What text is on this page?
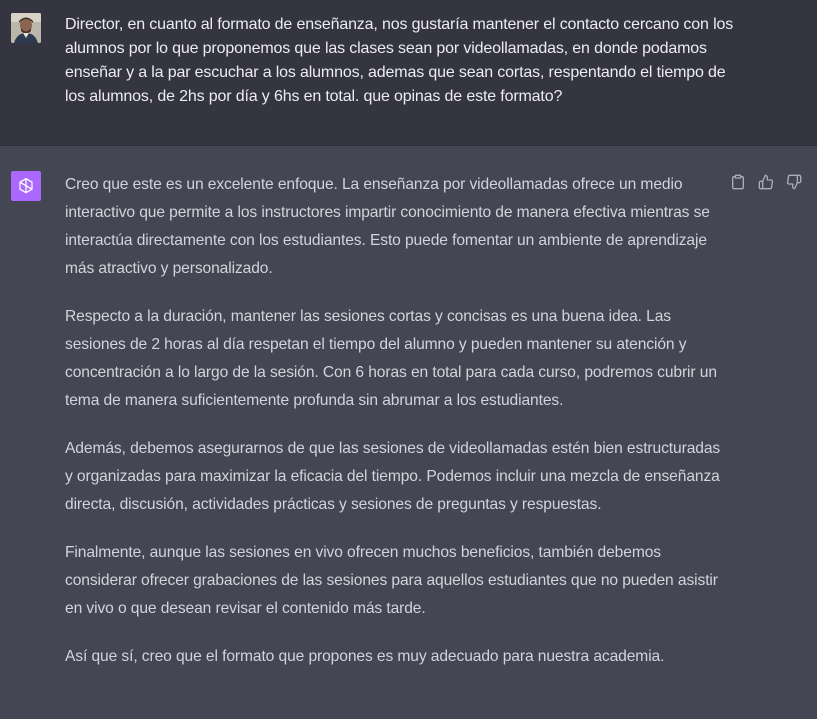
Director, en cuanto al formato de enseñanza, nos gustaría mantener el contacto cercano con los alumnos por lo que proponemos que las clases sean por videollamadas, en donde podamos enseñar y a la par escuchar a los alumnos, ademas que sean cortas, respentando el tiempo de los alumnos, de 2hs por día y 6hs en total. que opinas de este formato?

Creo que este es un excelente enfoque. La enseñanza por videollamadas ofrece un medio interactivo que permite a los instructores impartir conocimiento de manera efectiva mientras se interactúa directamente con los estudiantes. Esto puede fomentar un ambiente de aprendizaje más atractivo y personalizado.

Respecto a la duración, mantener las sesiones cortas y concisas es una buena idea. Las sesiones de 2 horas al día respetan el tiempo del alumno y pueden mantener su atención y concentración a lo largo de la sesión. Con 6 horas en total para cada curso, podremos cubrir un tema de manera suficientemente profunda sin abrumar a los estudiantes.

Además, debemos asegurarnos de que las sesiones de videollamadas estén bien estructuradas y organizadas para maximizar la eficacia del tiempo. Podemos incluir una mezcla de enseñanza directa, discusión, actividades prácticas y sesiones de preguntas y respuestas.

Finalmente, aunque las sesiones en vivo ofrecen muchos beneficios, también debemos considerar ofrecer grabaciones de las sesiones para aquellos estudiantes que no pueden asistir en vivo o que desean revisar el contenido más tarde.

Así que sí, creo que el formato que propones es muy adecuado para nuestra academia.
